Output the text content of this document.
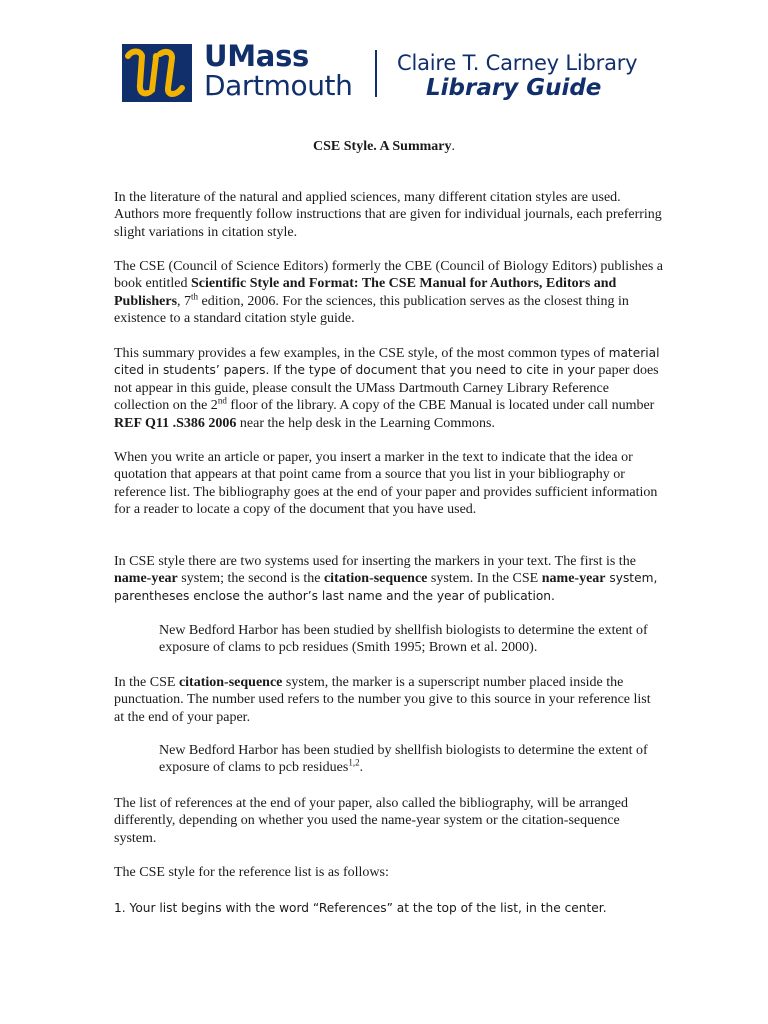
UMass
Dartmouth
Claire T. Carney Library
Library Guide
CSE Style. A Summary.

In the literature of the natural and applied sciences, many different citation styles are used. Authors more frequently follow instructions that are given for individual journals, each preferring slight variations in citation style.

The CSE (Council of Science Editors) formerly the CBE (Council of Biology Editors) publishes a book entitled Scientific Style and Format: The CSE Manual for Authors, Editors and Publishers, 7th edition, 2006. For the sciences, this publication serves as the closest thing in existence to a standard citation style guide.

This summary provides a few examples, in the CSE style, of the most common types of material cited in students’ papers. If the type of document that you need to cite in your paper does not appear in this guide, please consult the UMass Dartmouth Carney Library Reference collection on the 2nd floor of the library. A copy of the CBE Manual is located under call number REF Q11 .S386 2006 near the help desk in the Learning Commons.

When you write an article or paper, you insert a marker in the text to indicate that the idea or quotation that appears at that point came from a source that you list in your bibliography or reference list. The bibliography goes at the end of your paper and provides sufficient information for a reader to locate a copy of the document that you have used.

In CSE style there are two systems used for inserting the markers in your text. The first is the name-year system; the second is the citation-sequence system. In the CSE name-year system, parentheses enclose the author’s last name and the year of publication.

New Bedford Harbor has been studied by shellfish biologists to determine the extent of exposure of clams to pcb residues (Smith 1995; Brown et al. 2000).

In the CSE citation-sequence system, the marker is a superscript number placed inside the punctuation. The number used refers to the number you give to this source in your reference list at the end of your paper.

New Bedford Harbor has been studied by shellfish biologists to determine the extent of exposure of clams to pcb residues$^{1,2}$.

The list of references at the end of your paper, also called the bibliography, will be arranged differently, depending on whether you used the name-year system or the citation-sequence system.

The CSE style for the reference list is as follows:

1. Your list begins with the word “References” at the top of the list, in the center.
